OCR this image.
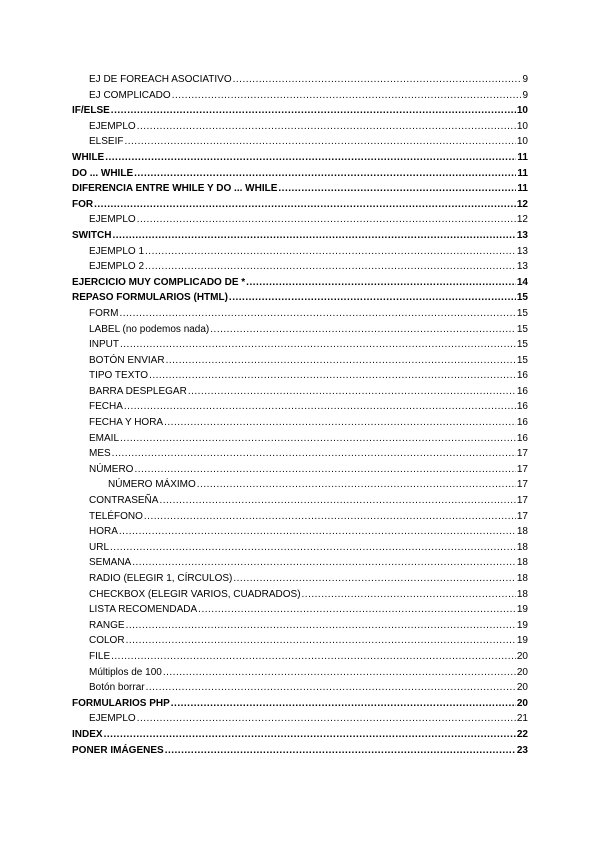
EJ DE FOREACH ASOCIATIVO .....	9
EJ COMPLICADO .....	9
IF/ELSE .....	10
EJEMPLO .....	10
ELSEIF .....	10
WHILE .....	11
DO ... WHILE .....	11
DIFERENCIA ENTRE WHILE Y DO ... WHILE .....	11
FOR .....	12
EJEMPLO .....	12
SWITCH .....	13
EJEMPLO 1 .....	13
EJEMPLO 2 .....	13
EJERCICIO MUY COMPLICADO DE * .....	14
REPASO FORMULARIOS (HTML) .....	15
FORM .....	15
LABEL (no podemos nada) .....	15
INPUT .....	15
BOTÓN ENVIAR .....	15
TIPO TEXTO .....	16
BARRA DESPLEGAR .....	16
FECHA .....	16
FECHA Y HORA .....	16
EMAIL .....	16
MES .....	17
NÚMERO .....	17
NÚMERO MÁXIMO .....	17
CONTRASEÑA .....	17
TELÉFONO .....	17
HORA .....	18
URL .....	18
SEMANA .....	18
RADIO (ELEGIR 1, CÍRCULOS) .....	18
CHECKBOX (ELEGIR VARIOS, CUADRADOS) .....	18
LISTA RECOMENDADA .....	19
RANGE .....	19
COLOR .....	19
FILE .....	20
Múltiplos de 100 .....	20
Botón borrar .....	20
FORMULARIOS PHP .....	20
EJEMPLO .....	21
INDEX .....	22
PONER IMÁGENES .....	23
